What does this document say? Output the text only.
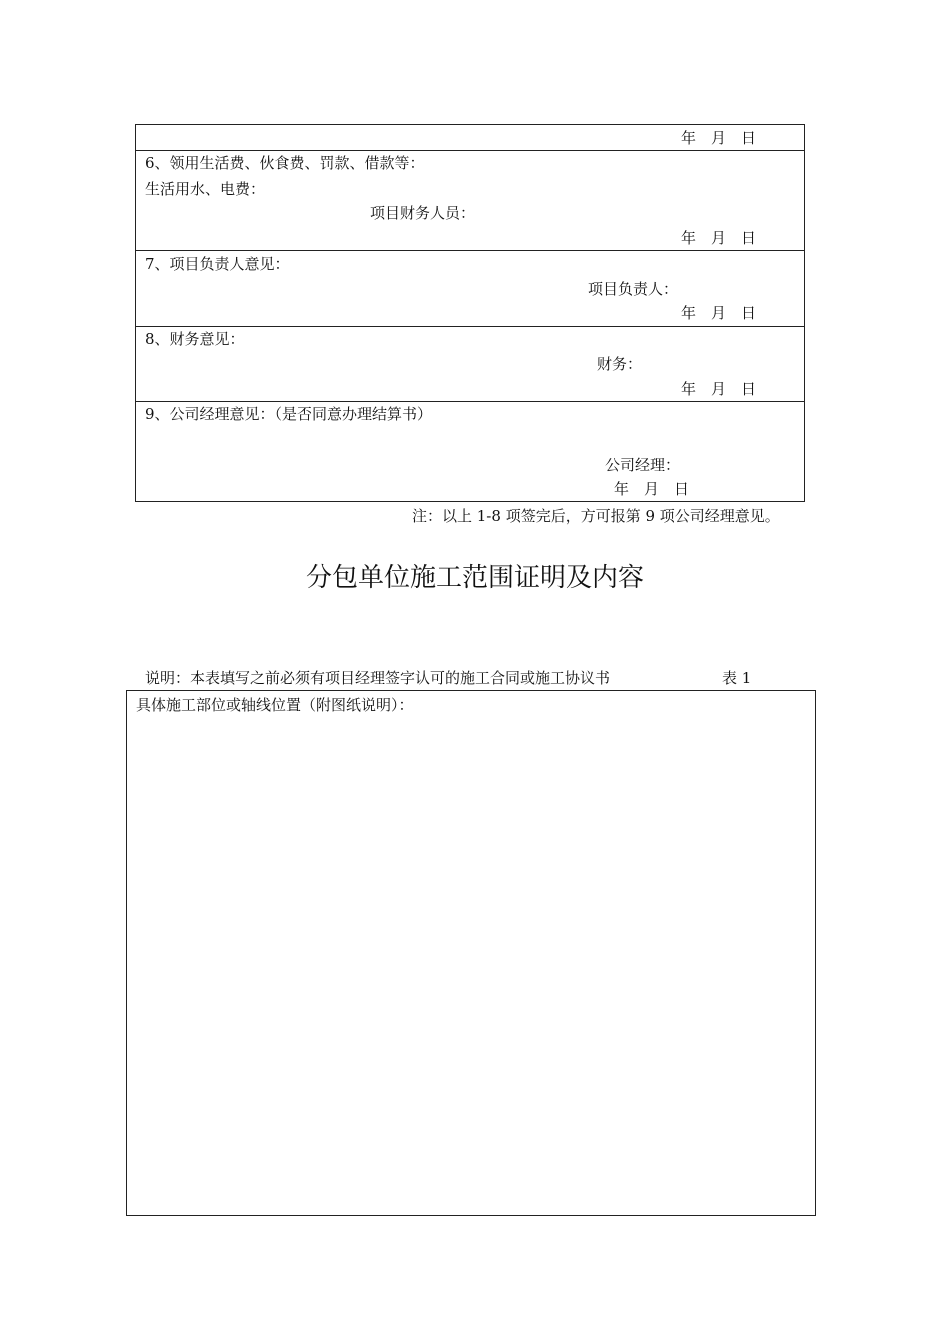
年　月　日
6、领用生活费、伙食费、罚款、借款等：
生活用水、电费：
项目财务人员：
年　月　日
7、项目负责人意见：
项目负责人：
年　月　日
8、财务意见：
财务：
年　月　日
9、公司经理意见：（是否同意办理结算书）
公司经理：
年　月　日
注：以上 1-8 项签完后，方可报第 9 项公司经理意见。
分包单位施工范围证明及内容
说明：本表填写之前必须有项目经理签字认可的施工合同或施工协议书	表 1
具体施工部位或轴线位置（附图纸说明）：
